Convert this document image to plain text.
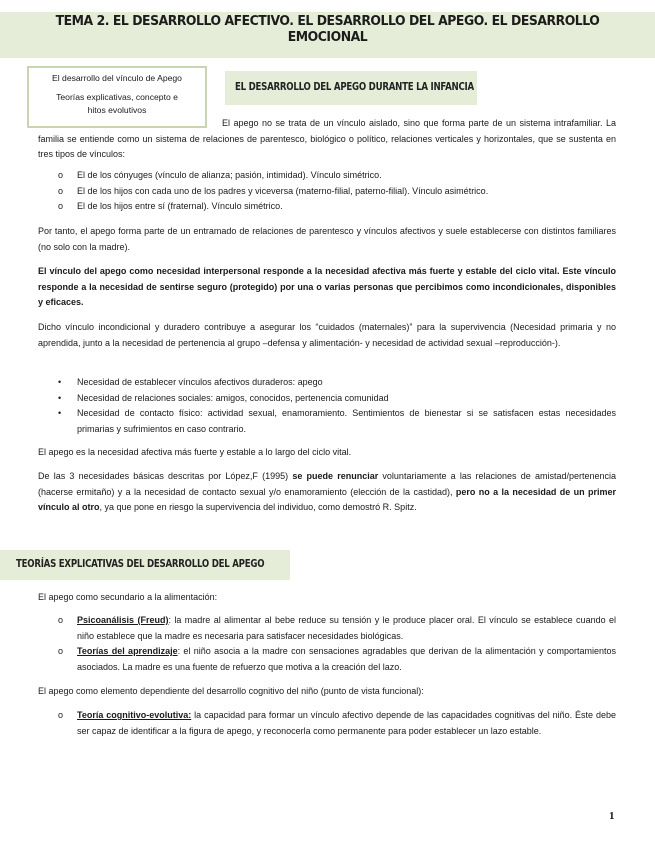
TEMA 2. EL DESARROLLO AFECTIVO. EL DESARROLLO DEL APEGO. EL DESARROLLO EMOCIONAL
El desarrollo del vínculo de Apego
Teorías explicativas, concepto e
hitos evolutivos
EL DESARROLLO DEL APEGO DURANTE LA INFANCIA
El apego no se trata de un vínculo aislado, sino que forma parte de un sistema intrafamiliar. La familia se entiende como un sistema de relaciones de parentesco, biológico o político, relaciones verticales y horizontales, que se sustenta en tres tipos de vínculos:
o El de los cónyuges (vínculo de alianza; pasión, intimidad). Vínculo simétrico.
o El de los hijos con cada uno de los padres y viceversa (materno-filial, paterno-filial). Vínculo asimétrico.
o El de los hijos entre sí (fraternal). Vínculo simétrico.
Por tanto, el apego forma parte de un entramado de relaciones de parentesco y vínculos afectivos y suele establecerse con distintos familiares (no solo con la madre).
El vínculo del apego como necesidad interpersonal responde a la necesidad afectiva más fuerte y estable del ciclo vital. Este vínculo responde a la necesidad de sentirse seguro (protegido) por una o varias personas que percibimos como incondicionales, disponibles y eficaces.
Dicho vínculo incondicional y duradero contribuye a asegurar los “cuidados (maternales)” para la supervivencia (Necesidad primaria y no aprendida, junto a la necesidad de pertenencia al grupo –defensa y alimentación- y necesidad de actividad sexual –reproducción-).
• Necesidad de establecer vínculos afectivos duraderos: apego
• Necesidad de relaciones sociales: amigos, conocidos, pertenencia comunidad
• Necesidad de contacto físico: actividad sexual, enamoramiento. Sentimientos de bienestar si se satisfacen estas necesidades primarias y sufrimientos en caso contrario.
El apego es la necesidad afectiva más fuerte y estable a lo largo del ciclo vital.
De las 3 necesidades básicas descritas por López,F (1995) se puede renunciar voluntariamente a las relaciones de amistad/pertenencia (hacerse ermitaño) y a la necesidad de contacto sexual y/o enamoramiento (elección de la castidad), pero no a la necesidad de un primer vínculo al otro, ya que pone en riesgo la supervivencia del individuo, como demostró R. Spitz.
TEORÍAS EXPLICATIVAS DEL DESARROLLO DEL APEGO
El apego como secundario a la alimentación:
o Psicoanálisis (Freud): la madre al alimentar al bebe reduce su tensión y le produce placer oral. El vínculo se establece cuando el niño establece que la madre es necesaria para satisfacer necesidades biológicas.
o Teorías del aprendizaje: el niño asocia a la madre con sensaciones agradables que derivan de la alimentación y comportamientos asociados. La madre es una fuente de refuerzo que motiva a la creación del lazo.
El apego como elemento dependiente del desarrollo cognitivo del niño (punto de vista funcional):
o Teoría cognitivo-evolutiva: la capacidad para formar un vínculo afectivo depende de las capacidades cognitivas del niño. Éste debe ser capaz de identificar a la figura de apego, y reconocerla como permanente para poder establecer un lazo estable.
1
